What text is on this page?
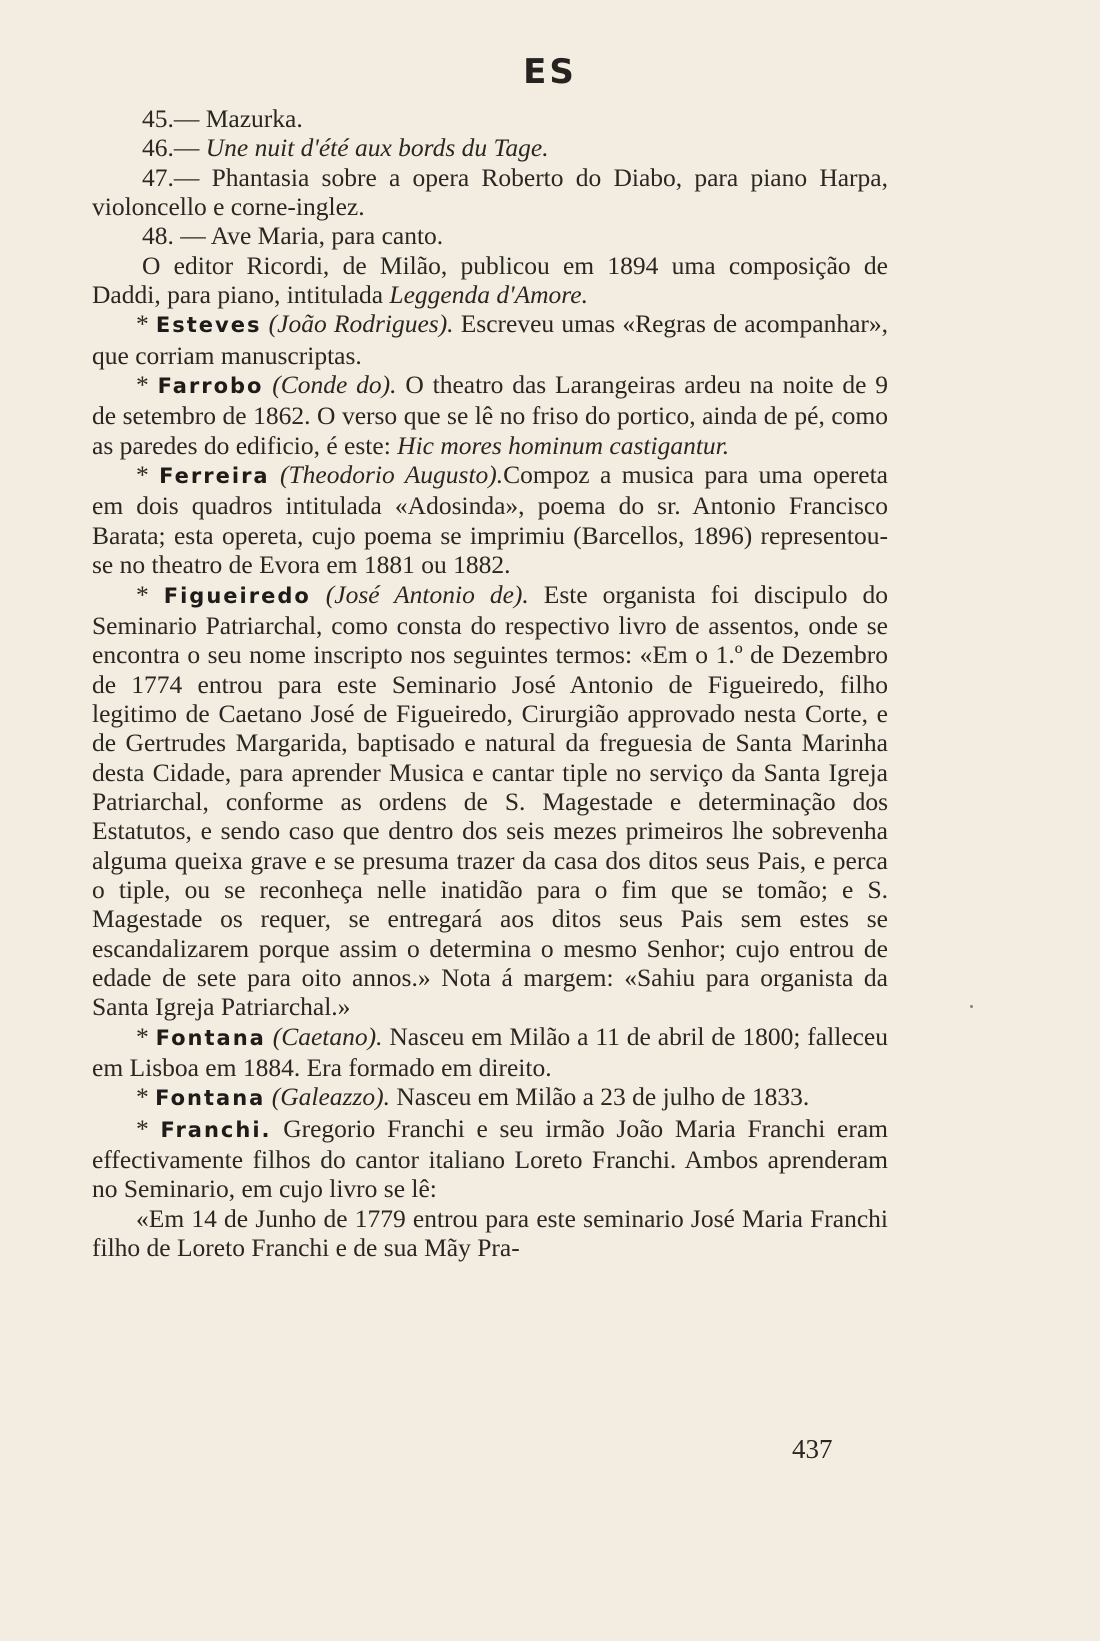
ES

45.— Mazurka.

46.— Une nuit d'été aux bords du Tage.

47.— Phantasia sobre a opera Roberto do Diabo, para piano Harpa, violoncello e corne-inglez.

48. — Ave Maria, para canto.

O editor Ricordi, de Milão, publicou em 1894 uma composição de Daddi, para piano, intitulada Leggenda d'Amore.

* Esteves (João Rodrigues). Escreveu umas «Regras de acompanhar», que corriam manuscriptas.

* Farrobo (Conde do). O theatro das Larangeiras ardeu na noite de 9 de setembro de 1862. O verso que se lê no friso do portico, ainda de pé, como as paredes do edificio, é este: Hic mores hominum castigantur.

* Ferreira (Theodorio Augusto).Compoz a musica para uma opereta em dois quadros intitulada «Adosinda», poema do sr. Antonio Francisco Barata; esta opereta, cujo poema se imprimiu (Barcellos, 1896) representou-se no theatro de Evora em 1881 ou 1882.

* Figueiredo (José Antonio de). Este organista foi discipulo do Seminario Patriarchal, como consta do respectivo livro de assentos, onde se encontra o seu nome inscripto nos seguintes termos: «Em o 1.º de Dezembro de 1774 entrou para este Seminario José Antonio de Figueiredo, filho legitimo de Caetano José de Figueiredo, Cirurgião approvado nesta Corte, e de Gertrudes Margarida, baptisado e natural da freguesia de Santa Marinha desta Cidade, para aprender Musica e cantar tiple no serviço da Santa Igreja Patriarchal, conforme as ordens de S. Magestade e determinação dos Estatutos, e sendo caso que dentro dos seis mezes primeiros lhe sobrevenha alguma queixa grave e se presuma trazer da casa dos ditos seus Pais, e perca o tiple, ou se reconheça nelle inatidão para o fim que se tomão; e S. Magestade os requer, se entregará aos ditos seus Pais sem estes se escandalizarem porque assim o determina o mesmo Senhor; cujo entrou de edade de sete para oito annos.» Nota á margem: «Sahiu para organista da Santa Igreja Patriarchal.»

* Fontana (Caetano). Nasceu em Milão a 11 de abril de 1800; falleceu em Lisboa em 1884. Era formado em direito.

* Fontana (Galeazzo). Nasceu em Milão a 23 de julho de 1833.

* Franchi. Gregorio Franchi e seu irmão João Maria Franchi eram effectivamente filhos do cantor italiano Loreto Franchi. Ambos aprenderam no Seminario, em cujo livro se lê:

«Em 14 de Junho de 1779 entrou para este seminario José Maria Franchi filho de Loreto Franchi e de sua Mãy Pra-

437
